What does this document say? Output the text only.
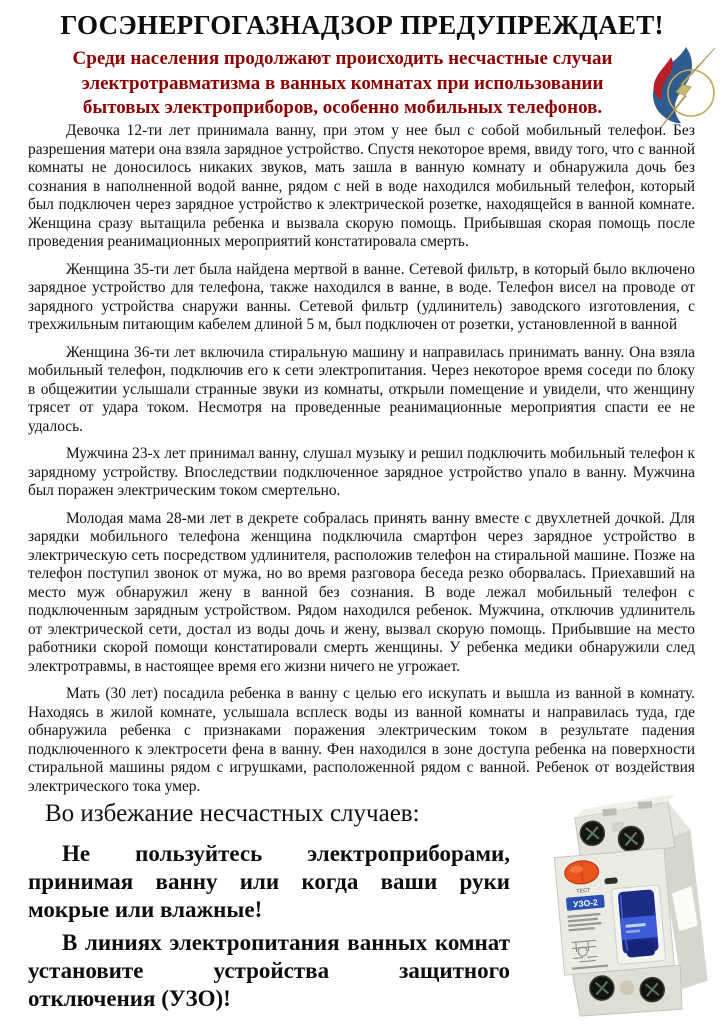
ГОСЭНЕРГОГАЗНАДЗОР ПРЕДУПРЕЖДАЕТ!

Среди населения продолжают происходить несчастные случаи электротравматизма в ванных комнатах при использовании бытовых электроприборов, особенно мобильных телефонов.

Девочка 12-ти лет принимала ванну, при этом у нее был с собой мобильный телефон. Без разрешения матери она взяла зарядное устройство. Спустя некоторое время, ввиду того, что с ванной комнаты не доносилось никаких звуков, мать зашла в ванную комнату и обнаружила дочь без сознания в наполненной водой ванне, рядом с ней в воде находился мобильный телефон, который был подключен через зарядное устройство к электрической розетке, находящейся в ванной комнате. Женщина сразу вытащила ребенка и вызвала скорую помощь. Прибывшая скорая помощь после проведения реанимационных мероприятий констатировала смерть.

Женщина 35-ти лет была найдена мертвой в ванне. Сетевой фильтр, в который было включено зарядное устройство для телефона, также находился в ванне, в воде. Телефон висел на проводе от зарядного устройства снаружи ванны. Сетевой фильтр (удлинитель) заводского изготовления, с трехжильным питающим кабелем длиной 5 м, был подключен от розетки, установленной в ванной

Женщина 36-ти лет включила стиральную машину и направилась принимать ванну. Она взяла мобильный телефон, подключив его к сети электропитания. Через некоторое время соседи по блоку в общежитии услышали странные звуки из комнаты, открыли помещение и увидели, что женщину трясет от удара током. Несмотря на проведенные реанимационные мероприятия спасти ее не удалось.

Мужчина 23-х лет принимал ванну, слушал музыку и решил подключить мобильный телефон к зарядному устройству. Впоследствии подключенное зарядное устройство упало в ванну. Мужчина был поражен электрическим током смертельно.

Молодая мама 28-ми лет в декрете собралась принять ванну вместе с двухлетней дочкой. Для зарядки мобильного телефона женщина подключила смартфон через зарядное устройство в электрическую сеть посредством удлинителя, расположив телефон на стиральной машине. Позже на телефон поступил звонок от мужа, но во время разговора беседа резко оборвалась. Приехавший на место муж обнаружил жену в ванной без сознания. В воде лежал мобильный телефон с подключенным зарядным устройством. Рядом находился ребенок. Мужчина, отключив удлинитель от электрической сети, достал из воды дочь и жену, вызвал скорую помощь. Прибывшие на место работники скорой помощи констатировали смерть женщины. У ребенка медики обнаружили след электротравмы, в настоящее время его жизни ничего не угрожает.

Мать (30 лет) посадила ребенка в ванну с целью его искупать и вышла из ванной в комнату. Находясь в жилой комнате, услышала всплеск воды из ванной комнаты и направилась туда, где обнаружила ребенка с признаками поражения электрическим током в результате падения подключенного к электросети фена в ванну. Фен находился в зоне доступа ребенка на поверхности стиральной машины рядом с игрушками, расположенной рядом с ванной. Ребенок от воздействия электрического тока умер.

Во избежание несчастных случаев:

Не пользуйтесь электроприборами, принимая ванну или когда ваши руки мокрые или влажные!

В линиях электропитания ванных комнат установите устройства защитного отключения (УЗО)!

ТЕСТ
УЗО-2
